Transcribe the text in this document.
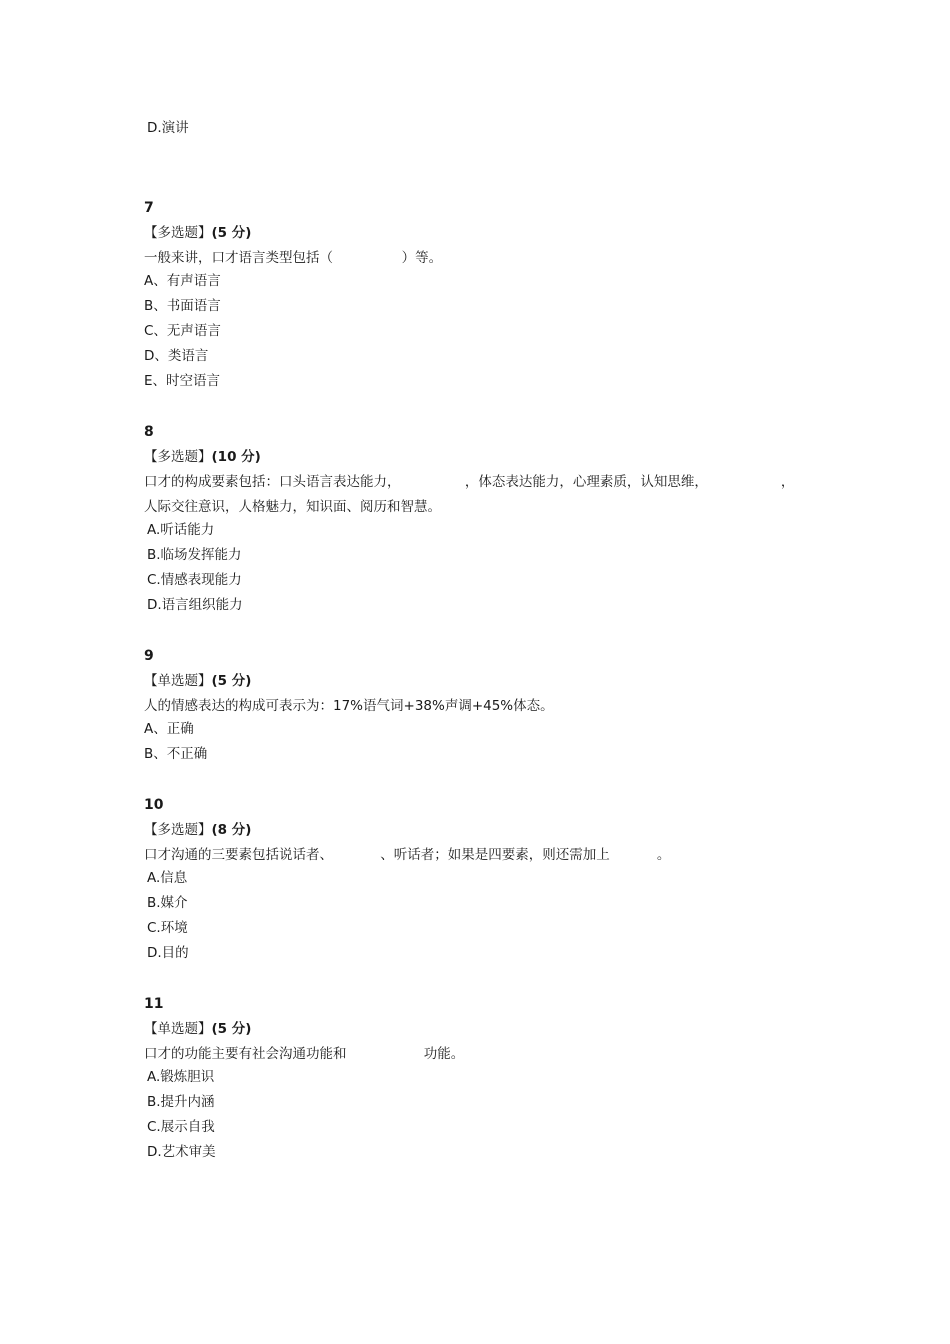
D.演讲
7
【多选题】(5 分)
一般来讲，口才语言类型包括（                ）等。
A、有声语言
B、书面语言
C、无声语言
D、类语言
E、时空语言
8
【多选题】(10 分)
口才的构成要素包括：口头语言表达能力，               ，体态表达能力，心理素质，认知思维，                 ，
人际交往意识，人格魅力，知识面、阅历和智慧。
A.听话能力
B.临场发挥能力
C.情感表现能力
D.语言组织能力
9
【单选题】(5 分)
人的情感表达的构成可表示为：17%语气词+38%声调+45%体态。
A、正确
B、不正确
10
【多选题】(8 分)
口才沟通的三要素包括说话者、           、听话者；如果是四要素，则还需加上           。
A.信息
B.媒介
C.环境
D.目的
11
【单选题】(5 分)
口才的功能主要有社会沟通功能和                  功能。
A.锻炼胆识
B.提升内涵
C.展示自我
D.艺术审美
